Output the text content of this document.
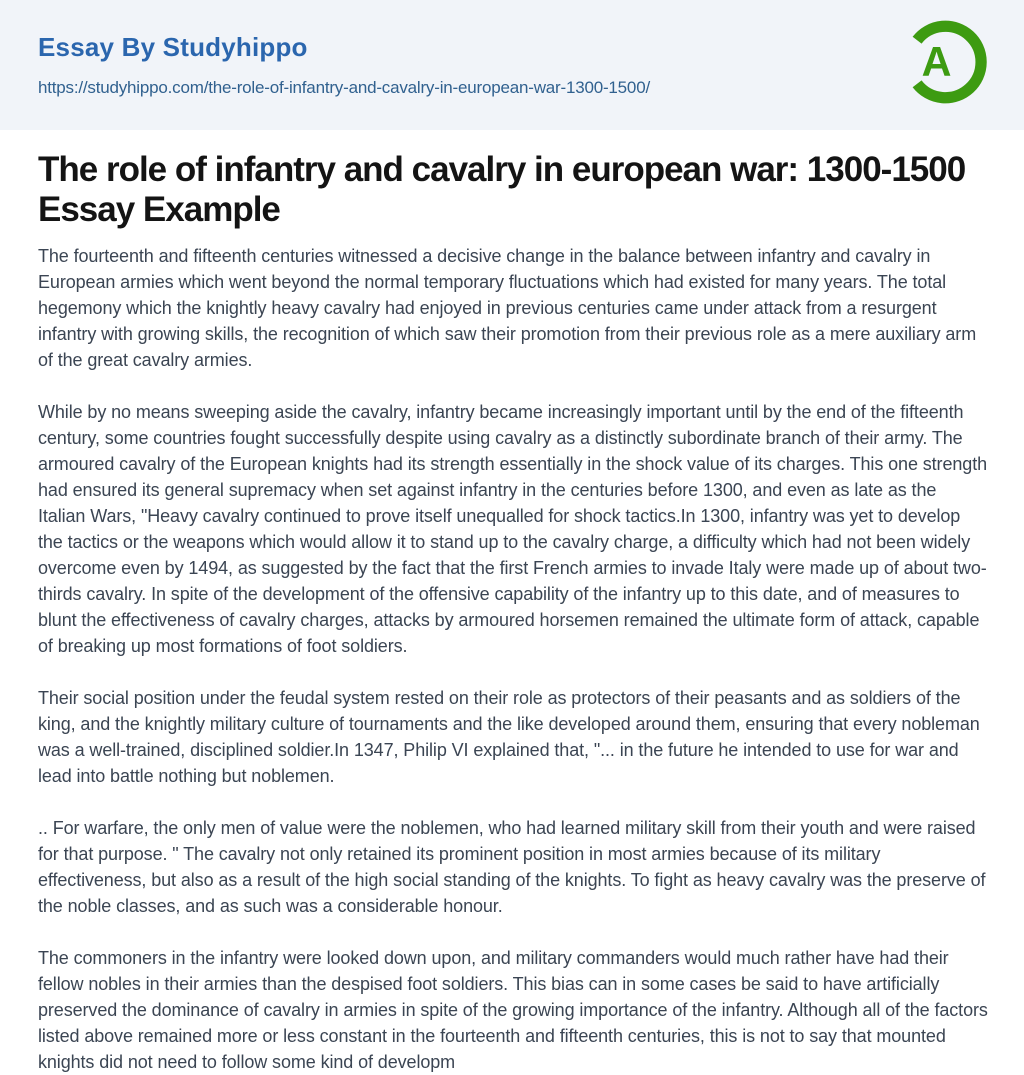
Essay By Studyhippo
https://studyhippo.com/the-role-of-infantry-and-cavalry-in-european-war-1300-1500/
A
The role of infantry and cavalry in european war: 1300-1500 Essay Example

The fourteenth and fifteenth centuries witnessed a decisive change in the balance between infantry and cavalry in European armies which went beyond the normal temporary fluctuations which had existed for many years. The total hegemony which the knightly heavy cavalry had enjoyed in previous centuries came under attack from a resurgent infantry with growing skills, the recognition of which saw their promotion from their previous role as a mere auxiliary arm of the great cavalry armies.

While by no means sweeping aside the cavalry, infantry became increasingly important until by the end of the fifteenth century, some countries fought successfully despite using cavalry as a distinctly subordinate branch of their army. The armoured cavalry of the European knights had its strength essentially in the shock value of its charges. This one strength had ensured its general supremacy when set against infantry in the centuries before 1300, and even as late as the Italian Wars, "Heavy cavalry continued to prove itself unequalled for shock tactics.In 1300, infantry was yet to develop the tactics or the weapons which would allow it to stand up to the cavalry charge, a difficulty which had not been widely overcome even by 1494, as suggested by the fact that the first French armies to invade Italy were made up of about two-thirds cavalry. In spite of the development of the offensive capability of the infantry up to this date, and of measures to blunt the effectiveness of cavalry charges, attacks by armoured horsemen remained the ultimate form of attack, capable of breaking up most formations of foot soldiers.

Their social position under the feudal system rested on their role as protectors of their peasants and as soldiers of the king, and the knightly military culture of tournaments and the like developed around them, ensuring that every nobleman was a well-trained, disciplined soldier.In 1347, Philip VI explained that, "... in the future he intended to use for war and lead into battle nothing but noblemen.

.. For warfare, the only men of value were the noblemen, who had learned military skill from their youth and were raised for that purpose. " The cavalry not only retained its prominent position in most armies because of its military effectiveness, but also as a result of the high social standing of the knights. To fight as heavy cavalry was the preserve of the noble classes, and as such was a considerable honour.

The commoners in the infantry were looked down upon, and military commanders would much rather have had their fellow nobles in their armies than the despised foot soldiers. This bias can in some cases be said to have artificially preserved the dominance of cavalry in armies in spite of the growing importance of the infantry. Although all of the factors listed above remained more or less constant in the fourteenth and fifteenth centuries, this is not to say that mounted knights did not need to follow some kind of developm
